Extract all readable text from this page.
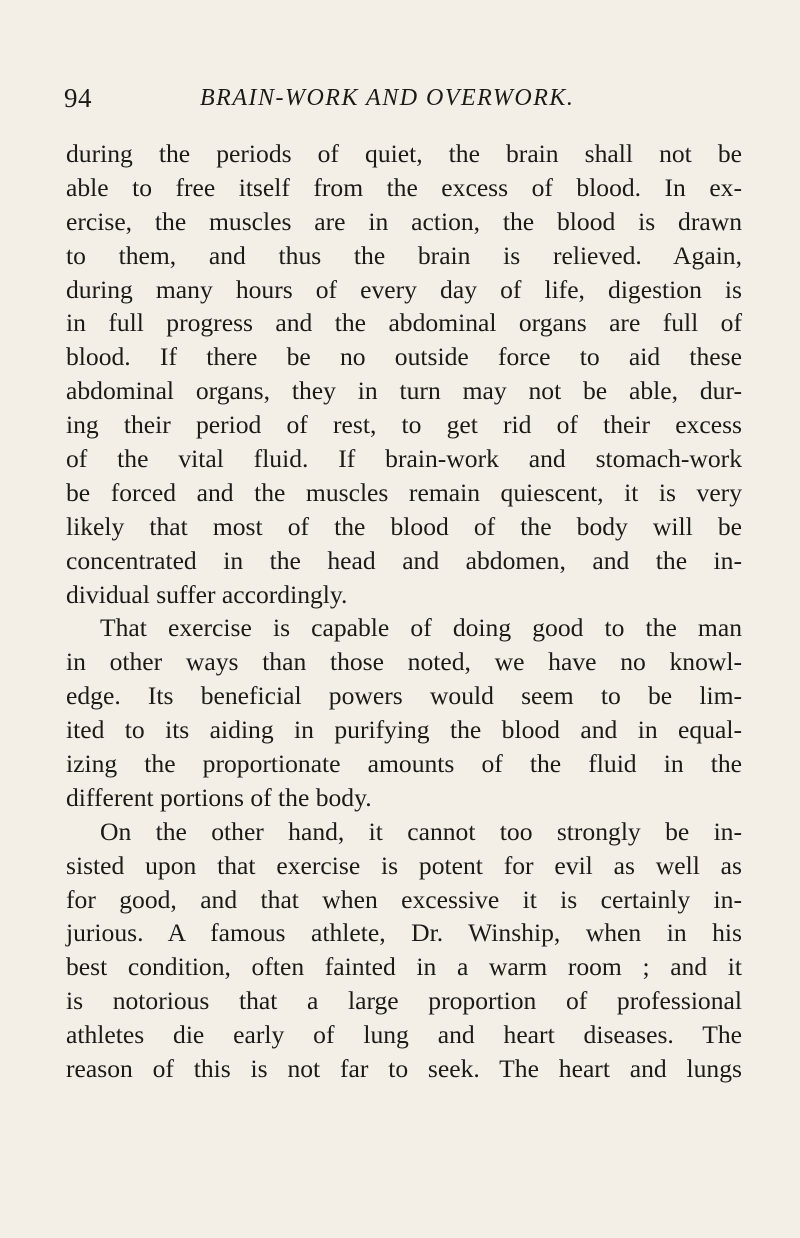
94	BRAIN-WORK AND OVERWORK.
during the periods of quiet, the brain shall not be
able to free itself from the excess of blood. In ex-
ercise, the muscles are in action, the blood is drawn
to them, and thus the brain is relieved. Again,
during many hours of every day of life, digestion is
in full progress and the abdominal organs are full of
blood. If there be no outside force to aid these
abdominal organs, they in turn may not be able, dur-
ing their period of rest, to get rid of their excess
of the vital fluid. If brain-work and stomach-work
be forced and the muscles remain quiescent, it is very
likely that most of the blood of the body will be
concentrated in the head and abdomen, and the in-
dividual suffer accordingly.
That exercise is capable of doing good to the man
in other ways than those noted, we have no knowl-
edge. Its beneficial powers would seem to be lim-
ited to its aiding in purifying the blood and in equal-
izing the proportionate amounts of the fluid in the
different portions of the body.
On the other hand, it cannot too strongly be in-
sisted upon that exercise is potent for evil as well as
for good, and that when excessive it is certainly in-
jurious. A famous athlete, Dr. Winship, when in his
best condition, often fainted in a warm room ; and it
is notorious that a large proportion of professional
athletes die early of lung and heart diseases. The
reason of this is not far to seek. The heart and lungs
